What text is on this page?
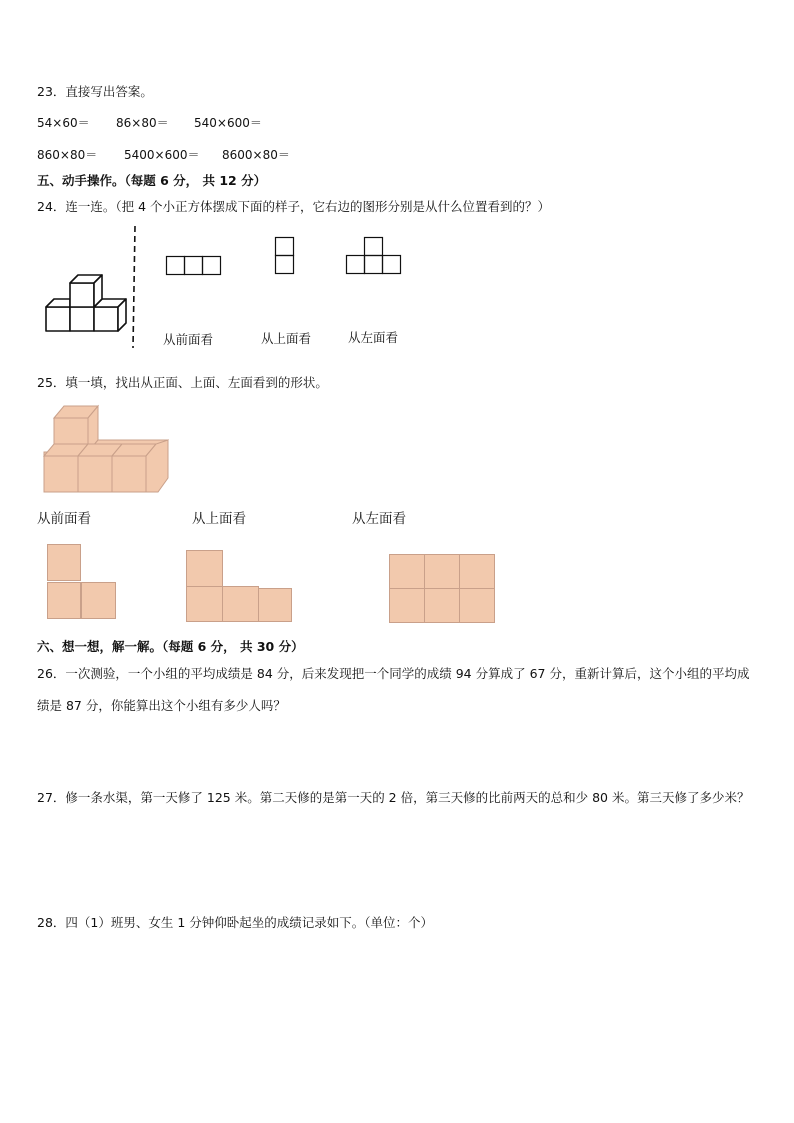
23．直接写出答案。
54×60＝ 86×80＝ 540×600＝
860×80＝ 5400×600＝ 8600×80＝
五、动手操作。（每题 6 分， 共 12 分）
24．连一连。（把 4 个小正方体摆成下面的样子，它右边的图形分别是从什么位置看到的？）
从前面看	从上面看	从左面看
25．填一填，找出从正面、上面、左面看到的形状。
从前面看	从上面看	从左面看
六、想一想，解一解。（每题 6 分， 共 30 分）
26．一次测验，一个小组的平均成绩是 84 分，后来发现把一个同学的成绩 94 分算成了 67 分，重新计算后，这个小组的平均成绩是 87 分，你能算出这个小组有多少人吗？
27．修一条水渠，第一天修了 125 米。第二天修的是第一天的 2 倍，第三天修的比前两天的总和少 80 米。第三天修了多少米？
28．四（1）班男、女生 1 分钟仰卧起坐的成绩记录如下。（单位：个）
